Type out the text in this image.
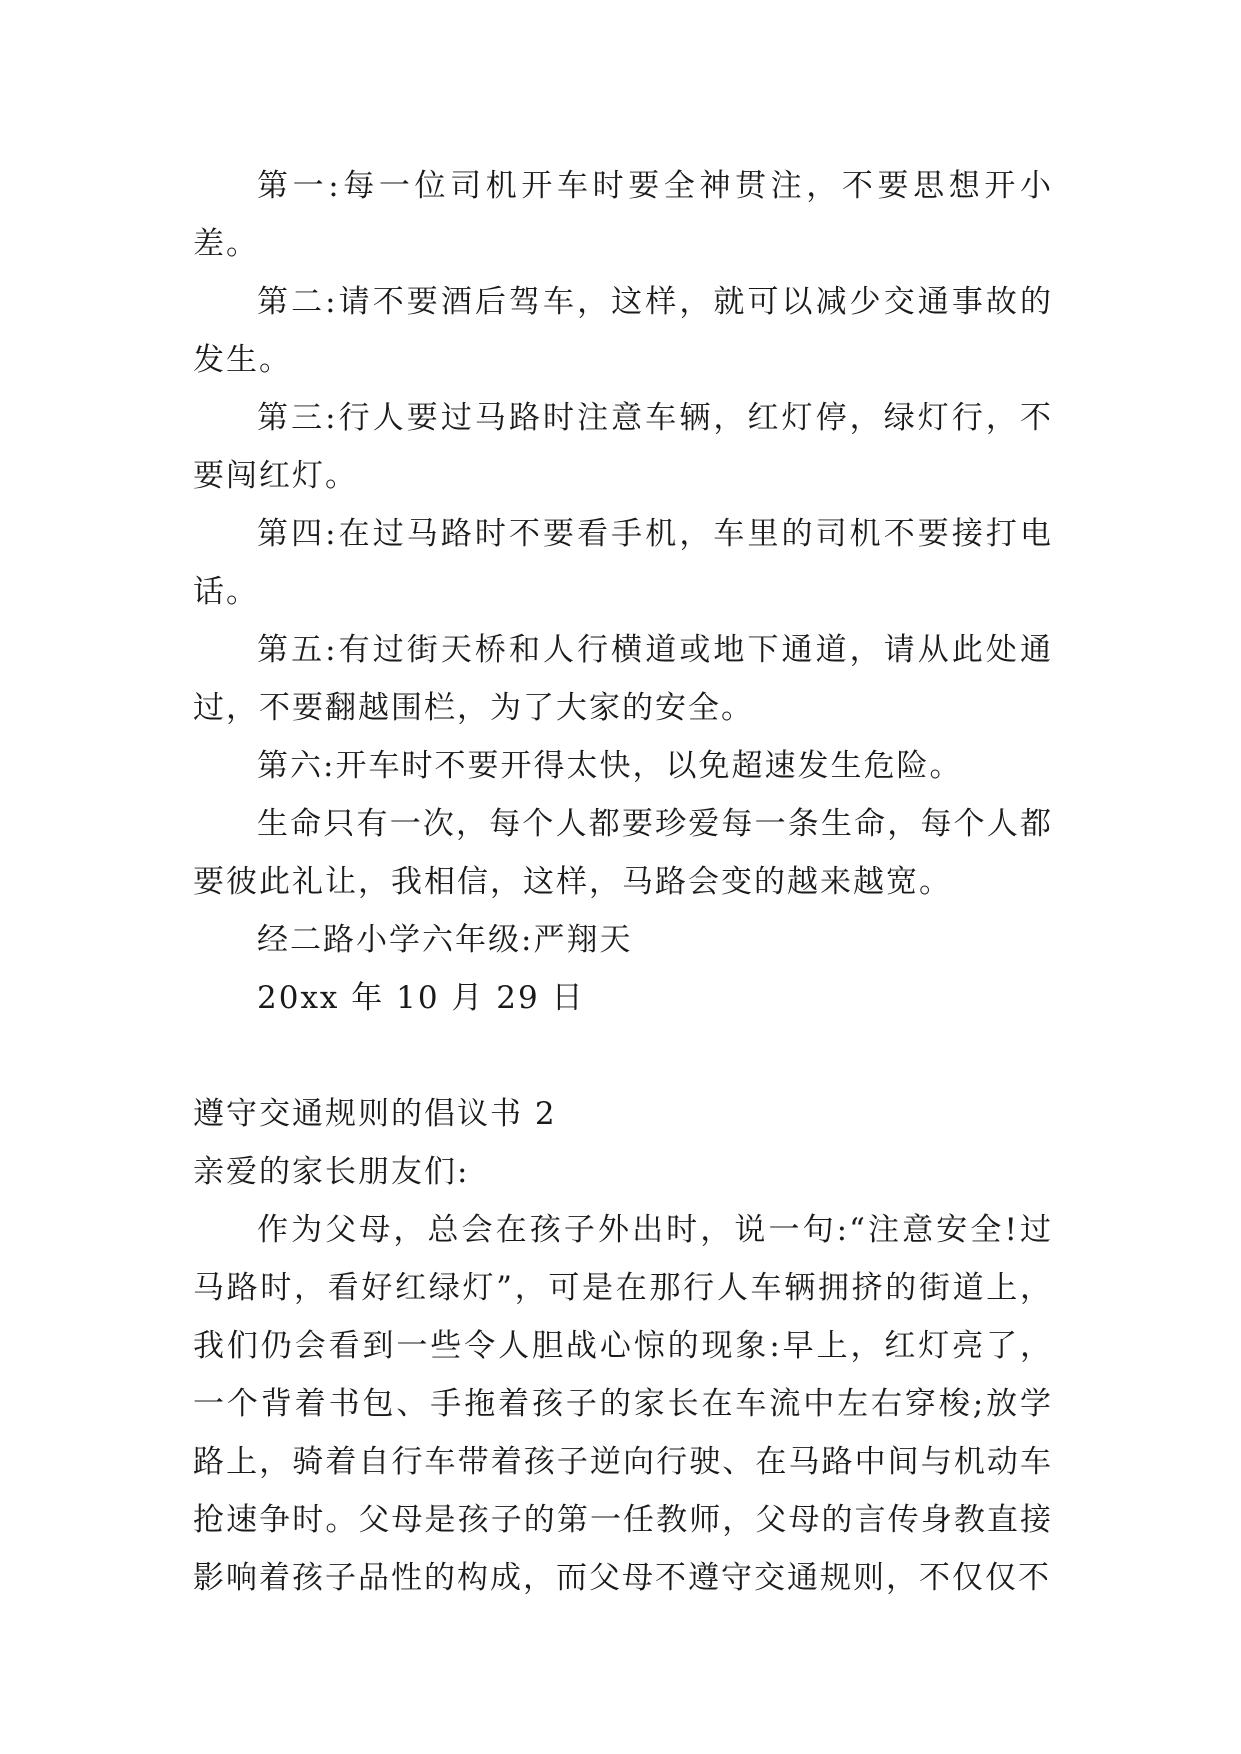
第一:每一位司机开车时要全神贯注，不要思想开小差。

第二:请不要酒后驾车，这样，就可以减少交通事故的发生。

第三:行人要过马路时注意车辆，红灯停，绿灯行，不要闯红灯。

第四:在过马路时不要看手机，车里的司机不要接打电话。

第五:有过街天桥和人行横道或地下通道，请从此处通过，不要翻越围栏，为了大家的安全。

第六:开车时不要开得太快，以免超速发生危险。

生命只有一次，每个人都要珍爱每一条生命，每个人都要彼此礼让，我相信，这样，马路会变的越来越宽。

经二路小学六年级:严翔天

20xx 年 10 月 29 日

遵守交通规则的倡议书 2

亲爱的家长朋友们:

作为父母，总会在孩子外出时，说一句:“注意安全!过马路时，看好红绿灯”，可是在那行人车辆拥挤的街道上，我们仍会看到一些令人胆战心惊的现象:早上，红灯亮了，一个背着书包、手拖着孩子的家长在车流中左右穿梭;放学路上，骑着自行车带着孩子逆向行驶、在马路中间与机动车抢速争时。父母是孩子的第一任教师，父母的言传身教直接影响着孩子品性的构成，而父母不遵守交通规则，不仅仅不
